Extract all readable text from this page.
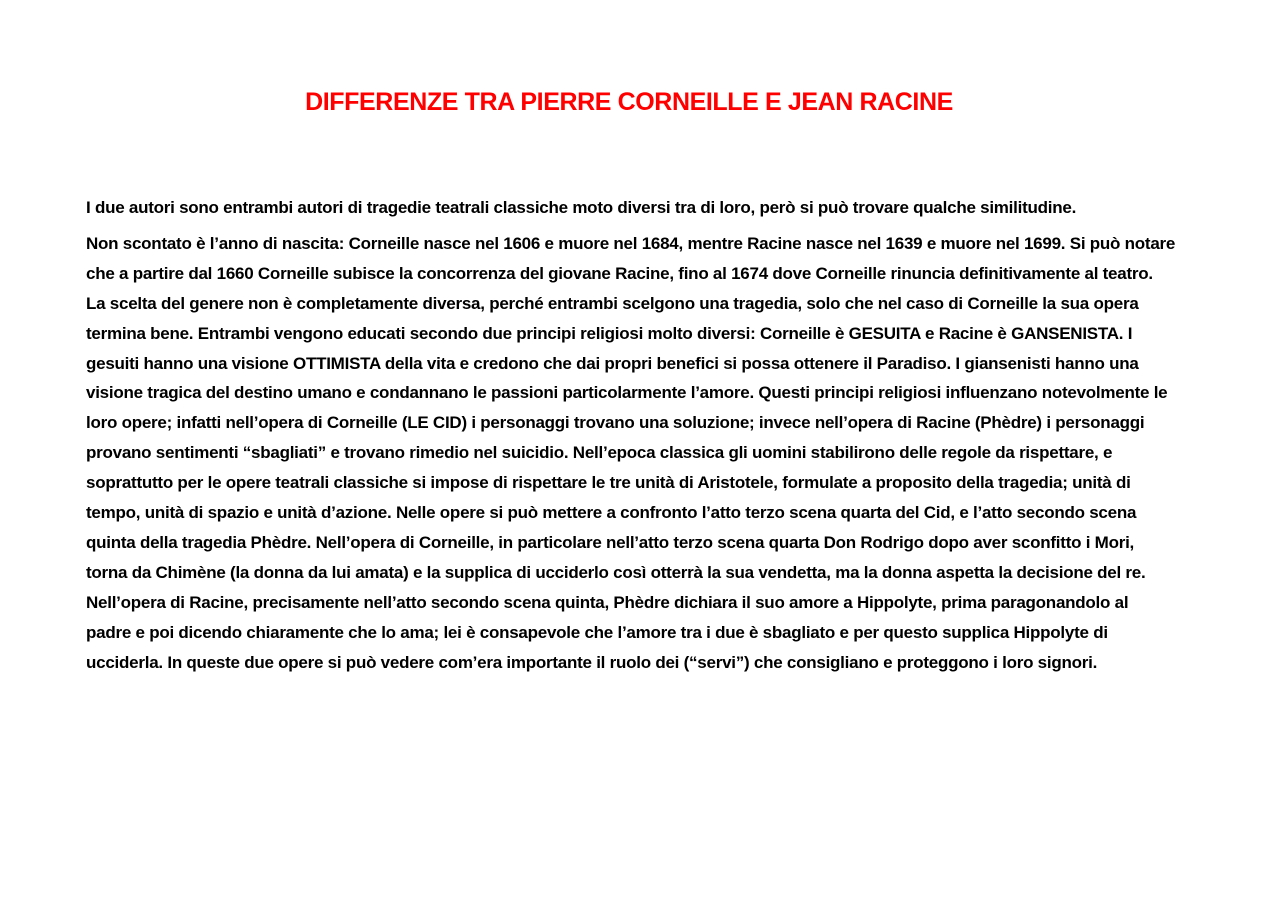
DIFFERENZE TRA PIERRE CORNEILLE E JEAN RACINE

I due autori sono entrambi autori di tragedie teatrali classiche moto diversi tra di loro, però si può trovare qualche similitudine.

Non scontato è l’anno di nascita: Corneille nasce nel 1606 e muore nel 1684, mentre Racine nasce nel 1639 e muore nel 1699. Si può notare che a partire dal 1660 Corneille subisce la concorrenza del giovane Racine, fino al 1674 dove Corneille rinuncia definitivamente al teatro. La scelta del genere non è completamente diversa, perché entrambi scelgono una tragedia, solo che nel caso di Corneille la sua opera termina bene. Entrambi vengono educati secondo due principi religiosi molto diversi: Corneille è GESUITA e Racine è GANSENISTA. I gesuiti hanno una visione OTTIMISTA della vita e credono che dai propri benefici si possa ottenere il Paradiso. I giansenisti hanno una visione tragica del destino umano e condannano le passioni particolarmente l’amore. Questi principi religiosi influenzano notevolmente le loro opere; infatti nell’opera di Corneille (LE CID) i personaggi trovano una soluzione; invece nell’opera di Racine (Phèdre) i personaggi provano sentimenti “sbagliati” e trovano rimedio nel suicidio. Nell’epoca classica gli uomini stabilirono delle regole da rispettare, e soprattutto per le opere teatrali classiche si impose di rispettare le tre unità di Aristotele, formulate a proposito della tragedia; unità di tempo, unità di spazio e unità d’azione. Nelle opere si può mettere a confronto l’atto terzo scena quarta del Cid, e l’atto secondo scena quinta della tragedia Phèdre. Nell’opera di Corneille, in particolare nell’atto terzo scena quarta Don Rodrigo dopo aver sconfitto i Mori, torna da Chimène (la donna da lui amata) e la supplica di ucciderlo così otterrà la sua vendetta, ma la donna aspetta la decisione del re. Nell’opera di Racine, precisamente nell’atto secondo scena quinta, Phèdre dichiara il suo amore a Hippolyte, prima paragonandolo al padre e poi dicendo chiaramente che lo ama; lei è consapevole che l’amore tra i due è sbagliato e per questo supplica Hippolyte di ucciderla. In queste due opere si può vedere com’era importante il ruolo dei (“servi”) che consigliano e proteggono i loro signori.
